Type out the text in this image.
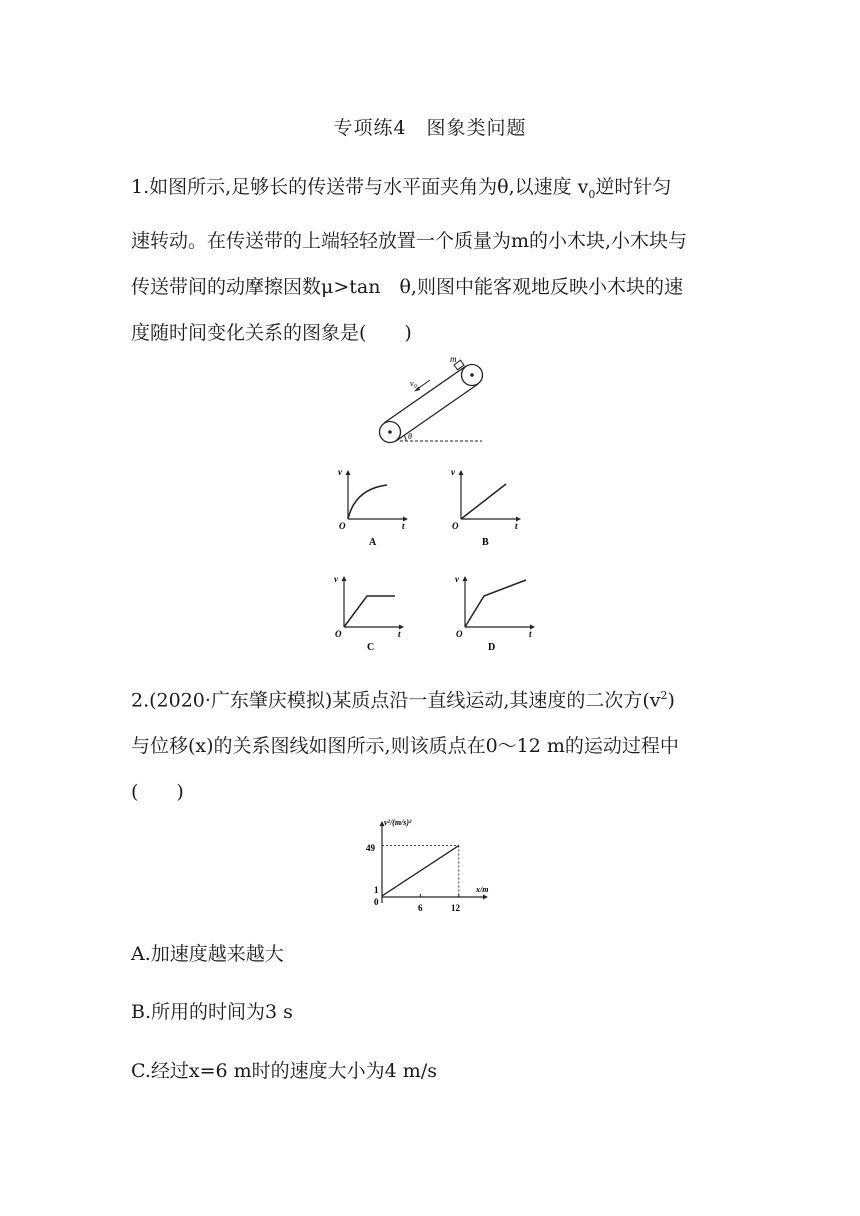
专项练4　图象类问题

1.如图所示,足够长的传送带与水平面夹角为θ,以速度 $v_0$逆时针匀

速转动。在传送带的上端轻轻放置一个质量为m的小木块,小木块与

传送带间的动摩擦因数μ>tan　θ,则图中能客观地反映小木块的速

度随时间变化关系的图象是(　　)

m
$v_0$
θ
v
O	t
A
v
O	t
B
v
O	t
C
v
O	t
D

2.(2020·广东肇庆模拟)某质点沿一直线运动,其速度的二次方$(v^2)$

与位移(x)的关系图线如图所示,则该质点在0～12 m的运动过程中

(　　)

v²/(m/s)²
x/m
49
1
0
6	12
A.加速度越来越大
B.所用的时间为3 s
C.经过x=6 m时的速度大小为4 m/s
